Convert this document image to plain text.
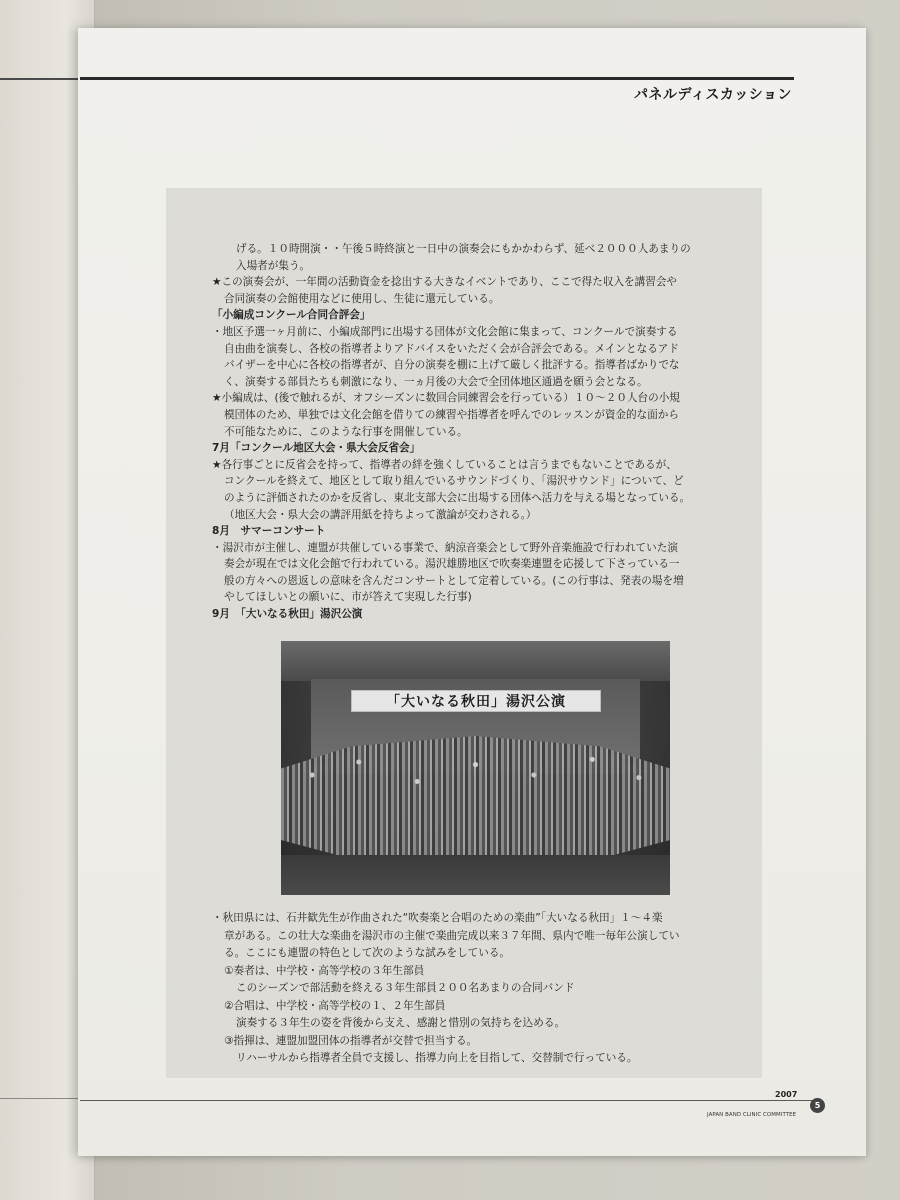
パネルディスカッション
げる。１０時開演・・午後５時終演と一日中の演奏会にもかかわらず、延べ２０００人あまりの
入場者が集う。
★この演奏会が、一年間の活動資金を捻出する大きなイベントであり、ここで得た収入を講習会や
合同演奏の会館使用などに使用し、生徒に還元している。
「小編成コンクール合同合評会」
・地区予選一ヶ月前に、小編成部門に出場する団体が文化会館に集まって、コンクールで演奏する
自由曲を演奏し、各校の指導者よりアドバイスをいただく会が合評会である。メインとなるアド
バイザーを中心に各校の指導者が、自分の演奏を棚に上げて厳しく批評する。指導者ばかりでな
く、演奏する部員たちも刺激になり、一ヵ月後の大会で全団体地区通過を願う会となる。
★小編成は、(後で触れるが、オフシーズンに数回合同練習会を行っている）１０～２０人台の小規
模団体のため、単独では文化会館を借りての練習や指導者を呼んでのレッスンが資金的な面から
不可能なために、このような行事を開催している。
7月「コンクール地区大会・県大会反省会」
★各行事ごとに反省会を持って、指導者の絆を強くしていることは言うまでもないことであるが、
コンクールを終えて、地区として取り組んでいるサウンドづくり、「湯沢サウンド」について、ど
のように評価されたのかを反省し、東北支部大会に出場する団体へ活力を与える場となっている。
（地区大会・県大会の講評用紙を持ちよって激論が交わされる。）
8月　サマーコンサート
・湯沢市が主催し、連盟が共催している事業で、納涼音楽会として野外音楽施設で行われていた演
奏会が現在では文化会館で行われている。湯沢雄勝地区で吹奏楽連盟を応援して下さっている一
般の方々への恩返しの意味を含んだコンサートとして定着している。(この行事は、発表の場を増
やしてほしいとの願いに、市が答えて実現した行事)
9月　「大いなる秋田」湯沢公演
「大いなる秋田」湯沢公演
・秋田県には、石井歓先生が作曲された“吹奏楽と合唱のための楽曲”「大いなる秋田」１～４楽
章がある。この壮大な楽曲を湯沢市の主催で楽曲完成以来３７年間、県内で唯一毎年公演してい
る。ここにも連盟の特色として次のような試みをしている。
①奏者は、中学校・高等学校の３年生部員
このシーズンで部活動を終える３年生部員２００名あまりの合同バンド
②合唱は、中学校・高等学校の１、２年生部員
演奏する３年生の姿を背後から支え、感謝と惜別の気持ちを込める。
③指揮は、連盟加盟団体の指導者が交替で担当する。
リハーサルから指導者全員で支援し、指導力向上を目指して、交替制で行っている。
2007
JAPAN BAND CLINIC COMMITTEE
5
